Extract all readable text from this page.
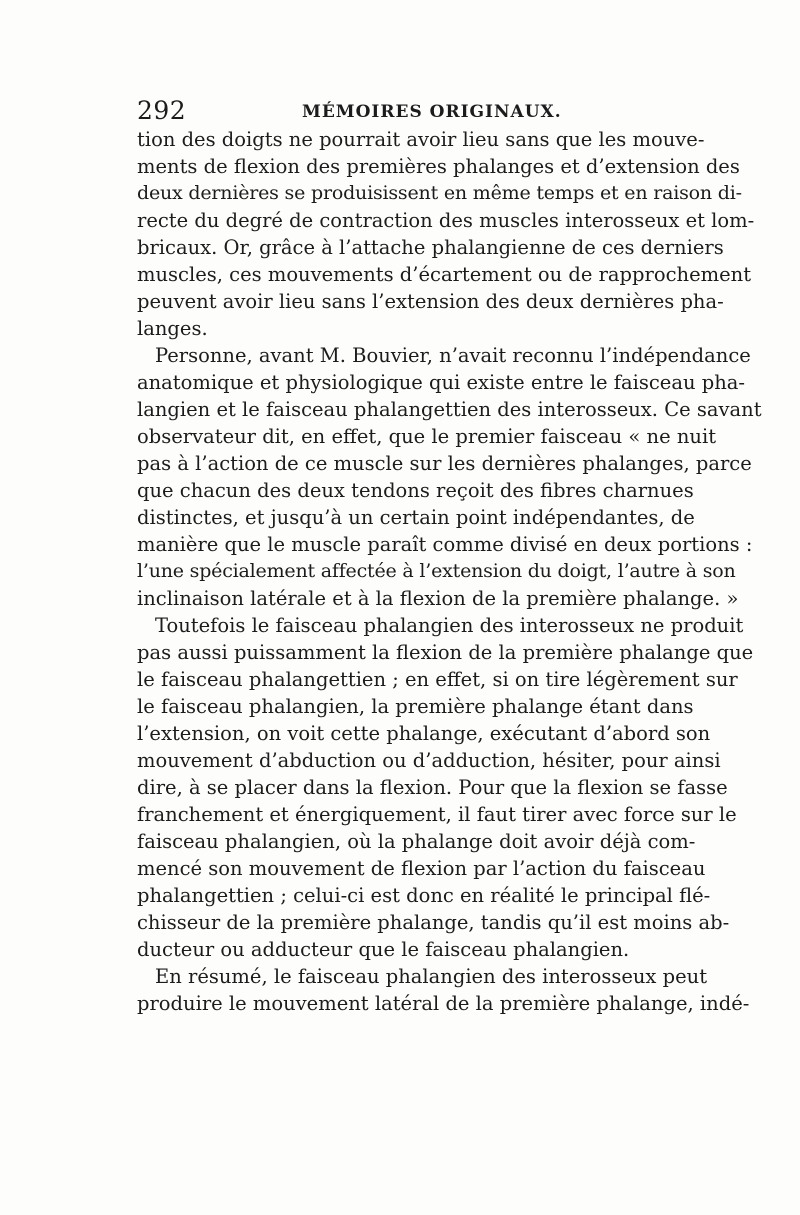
292	MÉMOIRES ORIGINAUX.
tion des doigts ne pourrait avoir lieu sans que les mouve-
ments de flexion des premières phalanges et d’extension des
deux dernières se produisissent en même temps et en raison di-
recte du degré de contraction des muscles interosseux et lom-
bricaux. Or, grâce à l’attache phalangienne de ces derniers
muscles, ces mouvements d’écartement ou de rapprochement
peuvent avoir lieu sans l’extension des deux dernières pha-
langes.
Personne, avant M. Bouvier, n’avait reconnu l’indépendance
anatomique et physiologique qui existe entre le faisceau pha-
langien et le faisceau phalangettien des interosseux. Ce savant
observateur dit, en effet, que le premier faisceau « ne nuit
pas à l’action de ce muscle sur les dernières phalanges, parce
que chacun des deux tendons reçoit des fibres charnues
distinctes, et jusqu’à un certain point indépendantes, de
manière que le muscle paraît comme divisé en deux portions :
l’une spécialement affectée à l’extension du doigt, l’autre à son
inclinaison latérale et à la flexion de la première phalange. »
Toutefois le faisceau phalangien des interosseux ne produit
pas aussi puissamment la flexion de la première phalange que
le faisceau phalangettien ; en effet, si on tire légèrement sur
le faisceau phalangien, la première phalange étant dans
l’extension, on voit cette phalange, exécutant d’abord son
mouvement d’abduction ou d’adduction, hésiter, pour ainsi
dire, à se placer dans la flexion. Pour que la flexion se fasse
franchement et énergiquement, il faut tirer avec force sur le
faisceau phalangien, où la phalange doit avoir déjà com-
mencé son mouvement de flexion par l’action du faisceau
phalangettien ; celui-ci est donc en réalité le principal flé-
chisseur de la première phalange, tandis qu’il est moins ab-
ducteur ou adducteur que le faisceau phalangien.
En résumé, le faisceau phalangien des interosseux peut
produire le mouvement latéral de la première phalange, indé-
